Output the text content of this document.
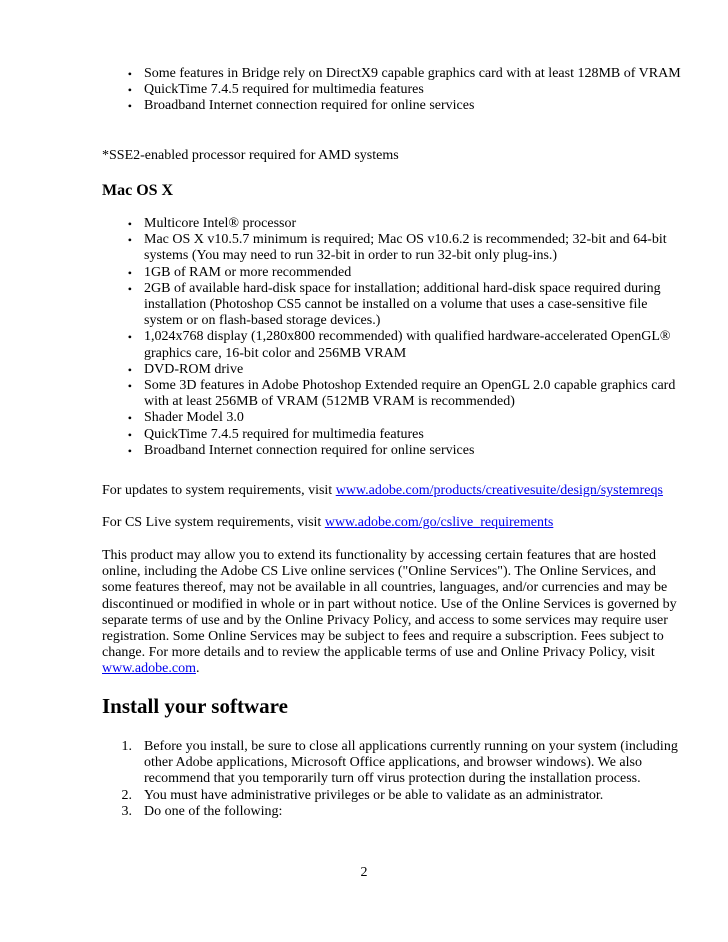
• Some features in Bridge rely on DirectX9 capable graphics card with at least 128MB of VRAM
• QuickTime 7.4.5 required for multimedia features
• Broadband Internet connection required for online services

*SSE2-enabled processor required for AMD systems

Mac OS X
• Multicore Intel® processor
• Mac OS X v10.5.7 minimum is required; Mac OS v10.6.2 is recommended; 32-bit and 64-bit systems (You may need to run 32-bit in order to run 32-bit only plug-ins.)
• 1GB of RAM or more recommended
• 2GB of available hard-disk space for installation; additional hard-disk space required during installation (Photoshop CS5 cannot be installed on a volume that uses a case-sensitive file system or on flash-based storage devices.)
• 1,024x768 display (1,280x800 recommended) with qualified hardware-accelerated OpenGL® graphics care, 16-bit color and 256MB VRAM
• DVD-ROM drive
• Some 3D features in Adobe Photoshop Extended require an OpenGL 2.0 capable graphics card with at least 256MB of VRAM (512MB VRAM is recommended)
• Shader Model 3.0
• QuickTime 7.4.5 required for multimedia features
• Broadband Internet connection required for online services

For updates to system requirements, visit www.adobe.com/products/creativesuite/design/systemreqs

For CS Live system requirements, visit www.adobe.com/go/cslive_requirements

This product may allow you to extend its functionality by accessing certain features that are hosted online, including the Adobe CS Live online services ("Online Services"). The Online Services, and some features thereof, may not be available in all countries, languages, and/or currencies and may be discontinued or modified in whole or in part without notice. Use of the Online Services is governed by separate terms of use and by the Online Privacy Policy, and access to some services may require user registration. Some Online Services may be subject to fees and require a subscription. Fees subject to change. For more details and to review the applicable terms of use and Online Privacy Policy, visit www.adobe.com.

Install your software
1. Before you install, be sure to close all applications currently running on your system (including other Adobe applications, Microsoft Office applications, and browser windows). We also recommend that you temporarily turn off virus protection during the installation process.
2. You must have administrative privileges or be able to validate as an administrator.
3. Do one of the following:
2
